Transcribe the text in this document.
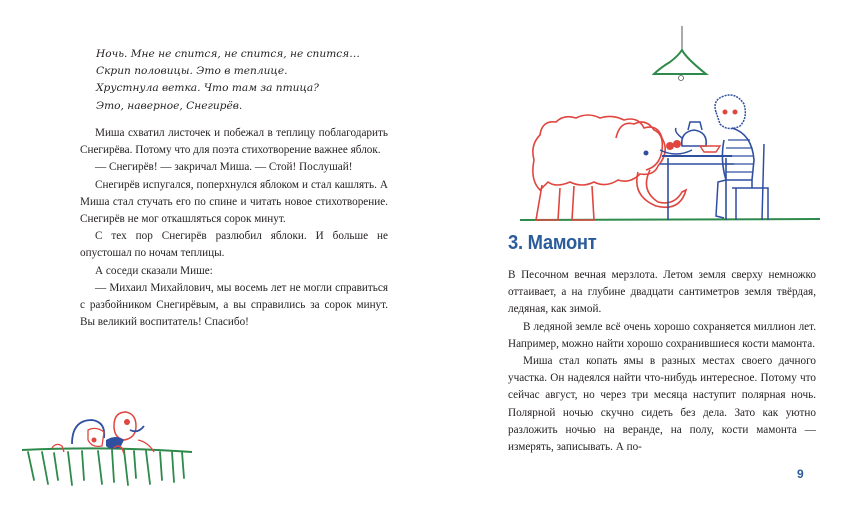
Ночь. Мне не спится, не спится, не спится…
Скрип половицы. Это в теплице.
Хрустнула ветка. Что там за птица?
Это, наверное, Снегирёв.

Миша схватил листочек и побежал в теплицу поблагодарить Снегирёва. Потому что для поэта стихотворение важнее яблок.

— Снегирёв! — закричал Миша. — Стой! Послушай!

Снегирёв испугался, поперхнулся яблоком и стал кашлять. А Миша стал стучать его по спине и читать новое стихотворение. Снегирёв не мог откашляться сорок минут.

С тех пор Снегирёв разлюбил яблоки. И больше не опустошал по ночам теплицы.

А соседи сказали Мише:

— Михаил Михайлович, мы восемь лет не могли справиться с разбойником Снегирёвым, а вы справились за сорок минут. Вы великий воспитатель! Спасибо!

3. Мамонт

В Песочном вечная мерзлота. Летом земля сверху немножко оттаивает, а на глубине двадцати сантиметров земля твёрдая, ледяная, как зимой.

В ледяной земле всё очень хорошо сохраняется миллион лет. Например, можно найти хорошо сохранившиеся кости мамонта.

Миша стал копать ямы в разных местах своего дачного участка. Он надеялся найти что-нибудь интересное. Потому что сейчас август, но через три месяца наступит полярная ночь. Полярной ночью скучно сидеть без дела. Зато как уютно разложить ночью на веранде, на полу, кости мамонта — измерять, записывать. А по-

9
